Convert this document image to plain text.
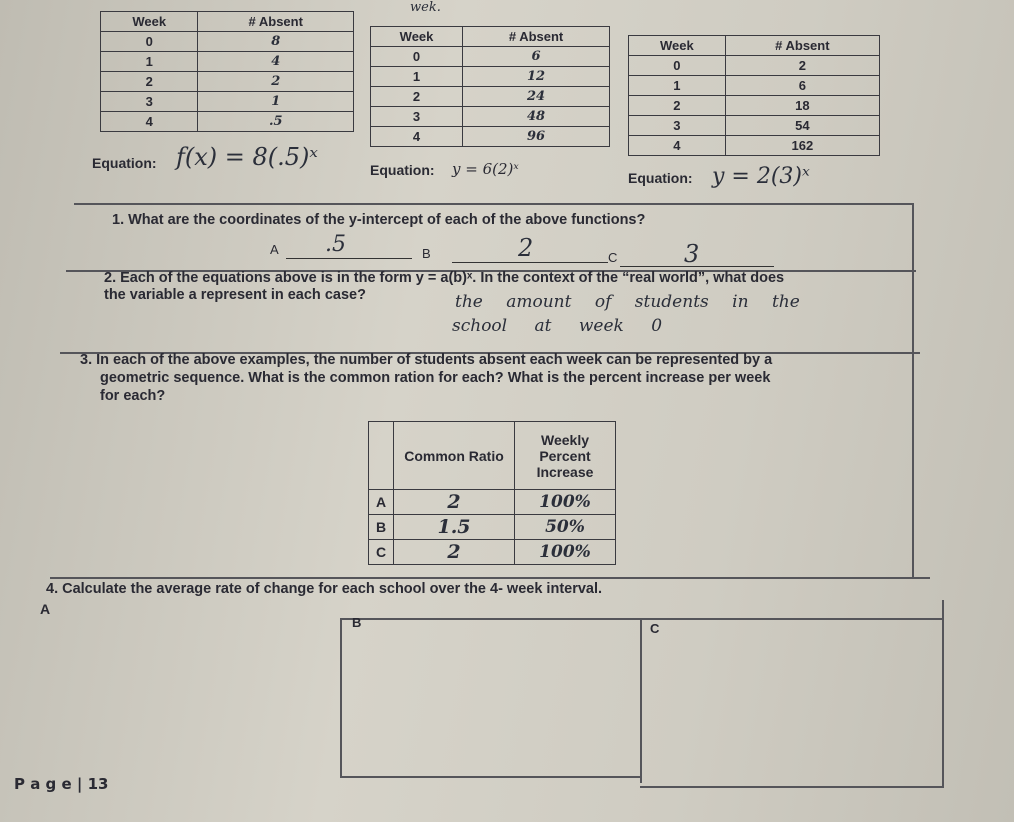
wek.
Week	# Absent
0	8
1	4
2	2
3	1
4	.5
Week	# Absent
0	6
1	12
2	24
3	48
4	96
Week	# Absent
0	2
1	6
2	18
3	54
4	162
Equation: f(x) = 8(.5)ˣ	Equation: y = 6(2)ˣ	Equation: y = 2(3)ˣ
1. What are the coordinates of the y-intercept of each of the above functions?
A .5	B	2	C	3
2. Each of the equations above is in the form y = a(b)ˣ. In the context of the “real world”, what does
the variable a represent in each case?	the amount of students in the
school at week 0
3. In each of the above examples, the number of students absent each week can be represented by a
geometric sequence. What is the common ration for each? What is the percent increase per week
for each?
	Common Ratio	Weekly Percent Increase
A	2	100%
B	1.5	50%
C	2	100%
4. Calculate the average rate of change for each school over the 4- week interval.
A
B	C
P a g e | 13
